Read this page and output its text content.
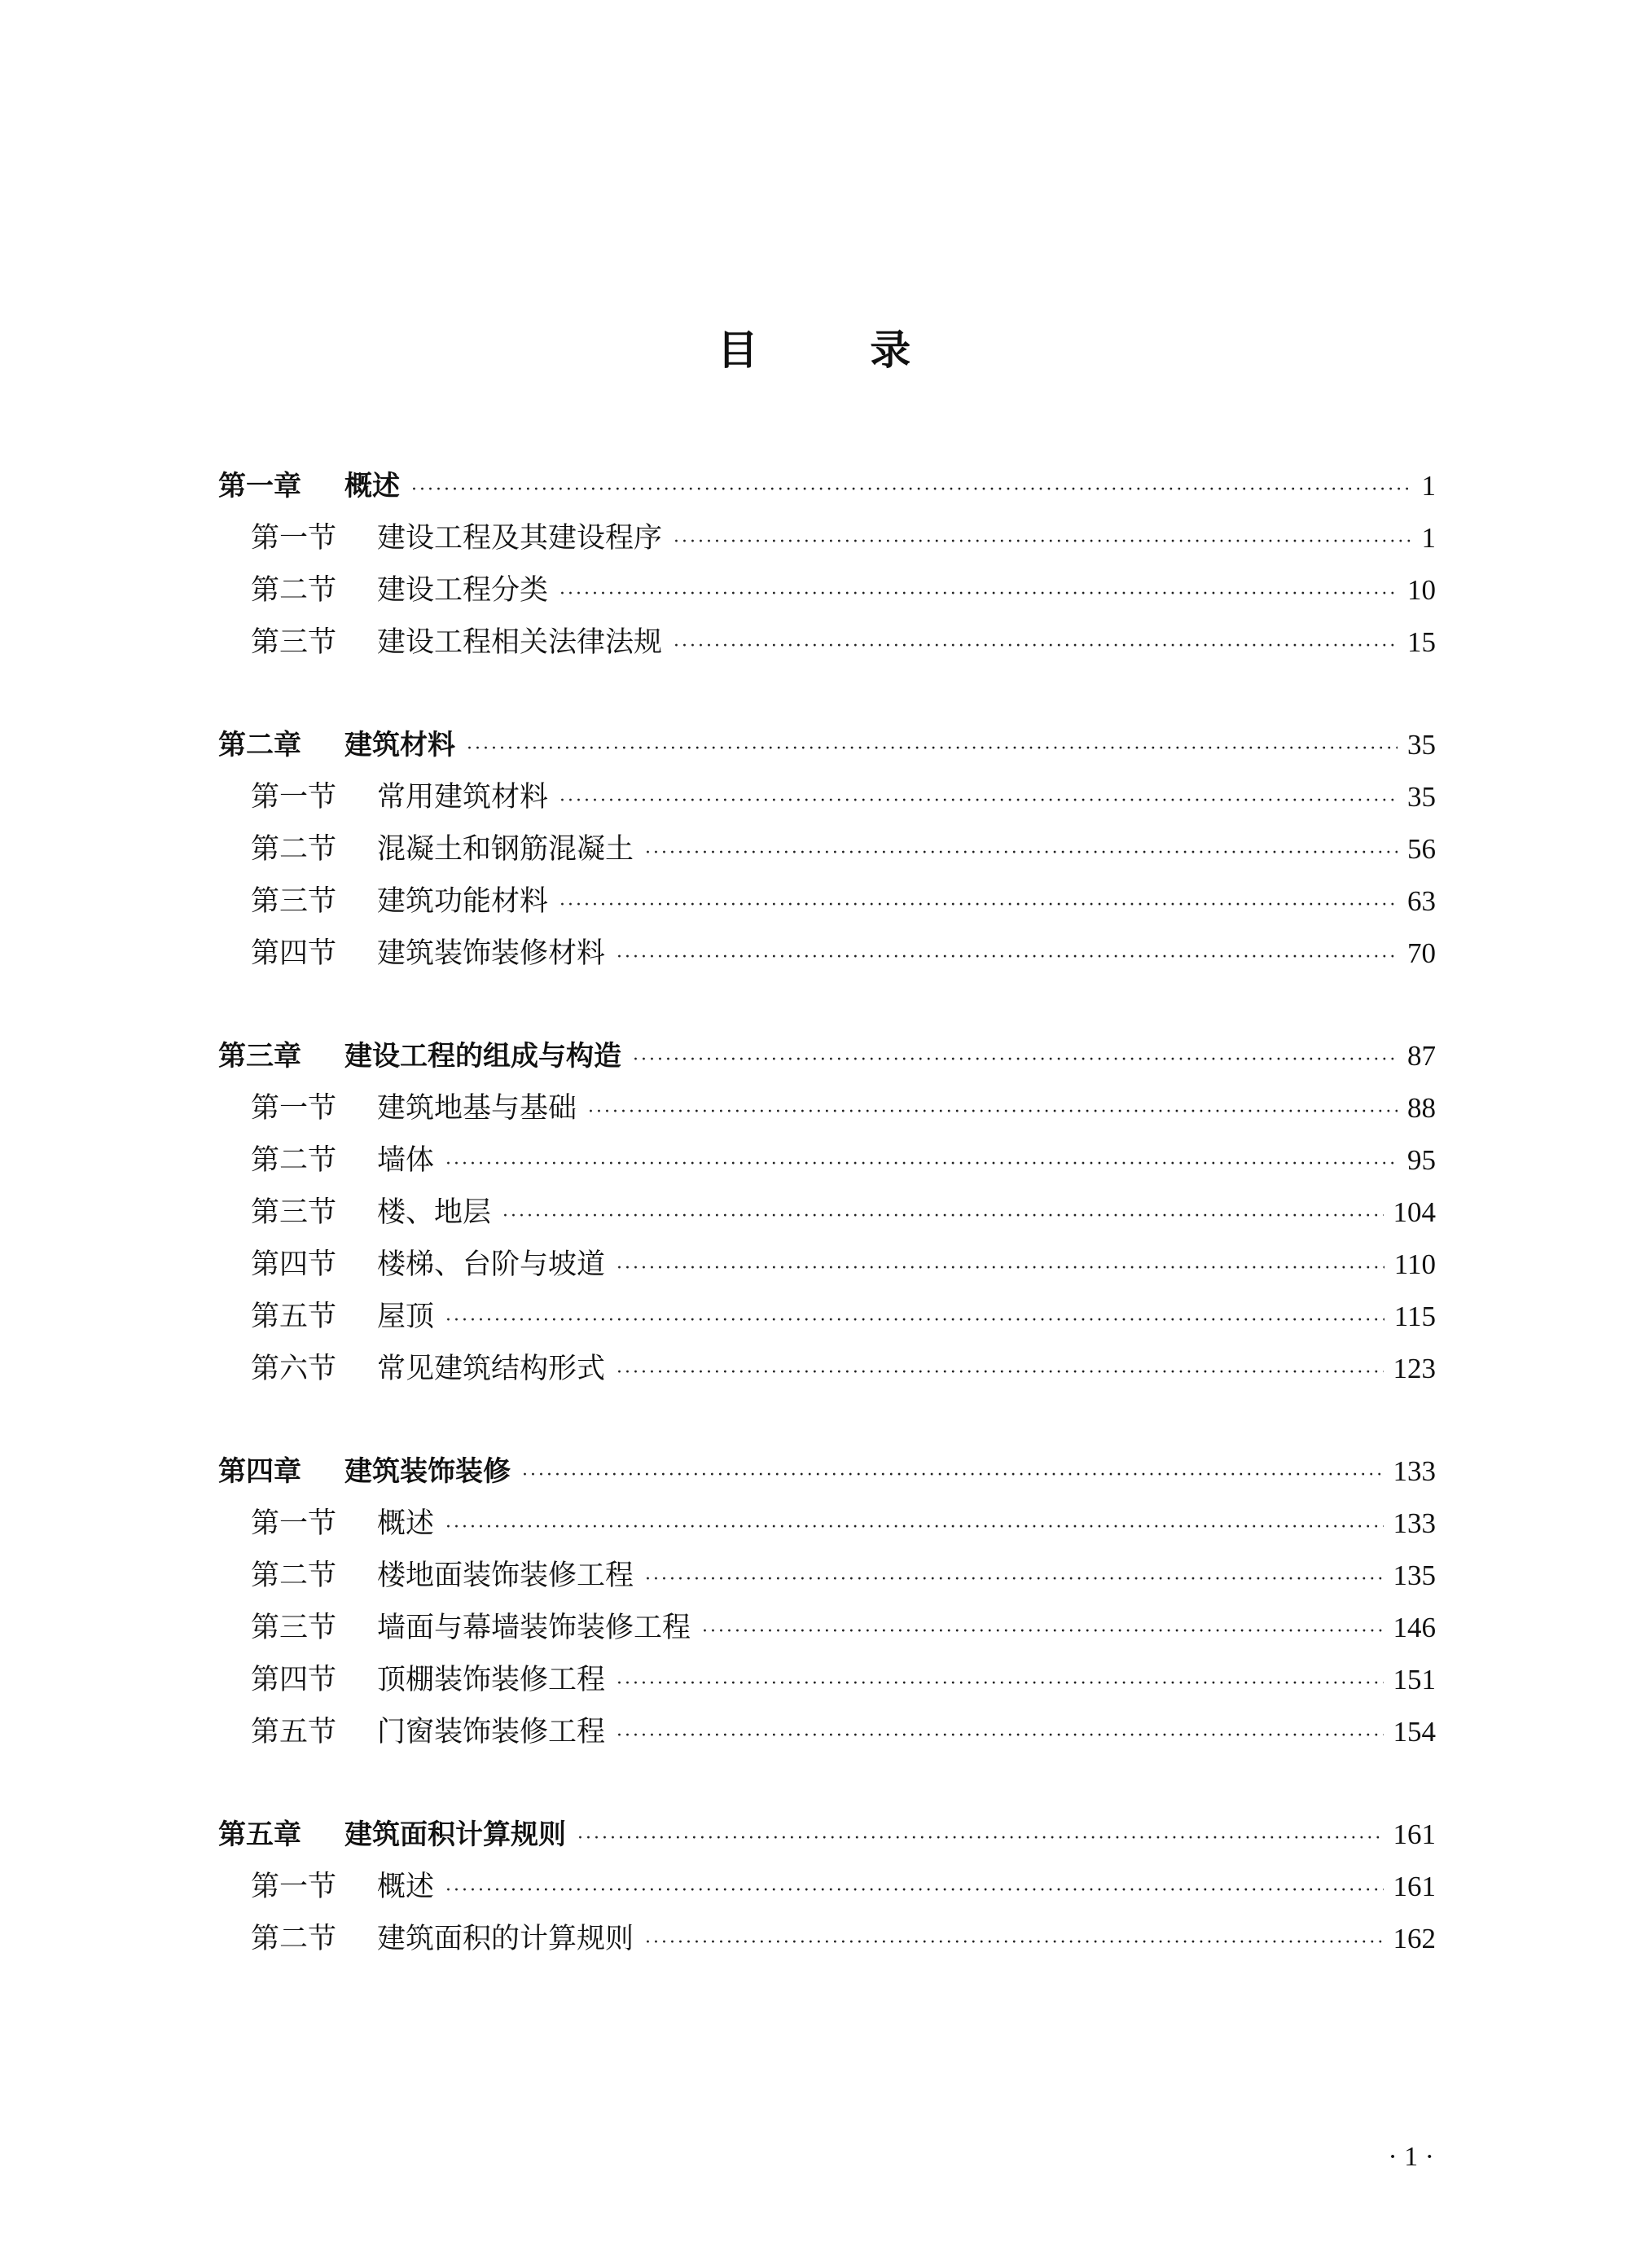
目 录
第一章	概述 ·····	1
第一节	建设工程及其建设程序 ·····	1
第二节	建设工程分类 ·····	10
第三节	建设工程相关法律法规 ·····	15
第二章	建筑材料 ·····	35
第一节	常用建筑材料 ·····	35
第二节	混凝土和钢筋混凝土 ·····	56
第三节	建筑功能材料 ·····	63
第四节	建筑装饰装修材料 ·····	70
第三章	建设工程的组成与构造 ·····	87
第一节	建筑地基与基础 ·····	88
第二节	墙体 ·····	95
第三节	楼、地层 ·····	104
第四节	楼梯、台阶与坡道 ·····	110
第五节	屋顶 ·····	115
第六节	常见建筑结构形式 ·····	123
第四章	建筑装饰装修 ·····	133
第一节	概述 ·····	133
第二节	楼地面装饰装修工程 ·····	135
第三节	墙面与幕墙装饰装修工程 ·····	146
第四节	顶棚装饰装修工程 ·····	151
第五节	门窗装饰装修工程 ·····	154
第五章	建筑面积计算规则 ·····	161
第一节	概述 ·····	161
第二节	建筑面积的计算规则 ·····	162
· 1 ·
